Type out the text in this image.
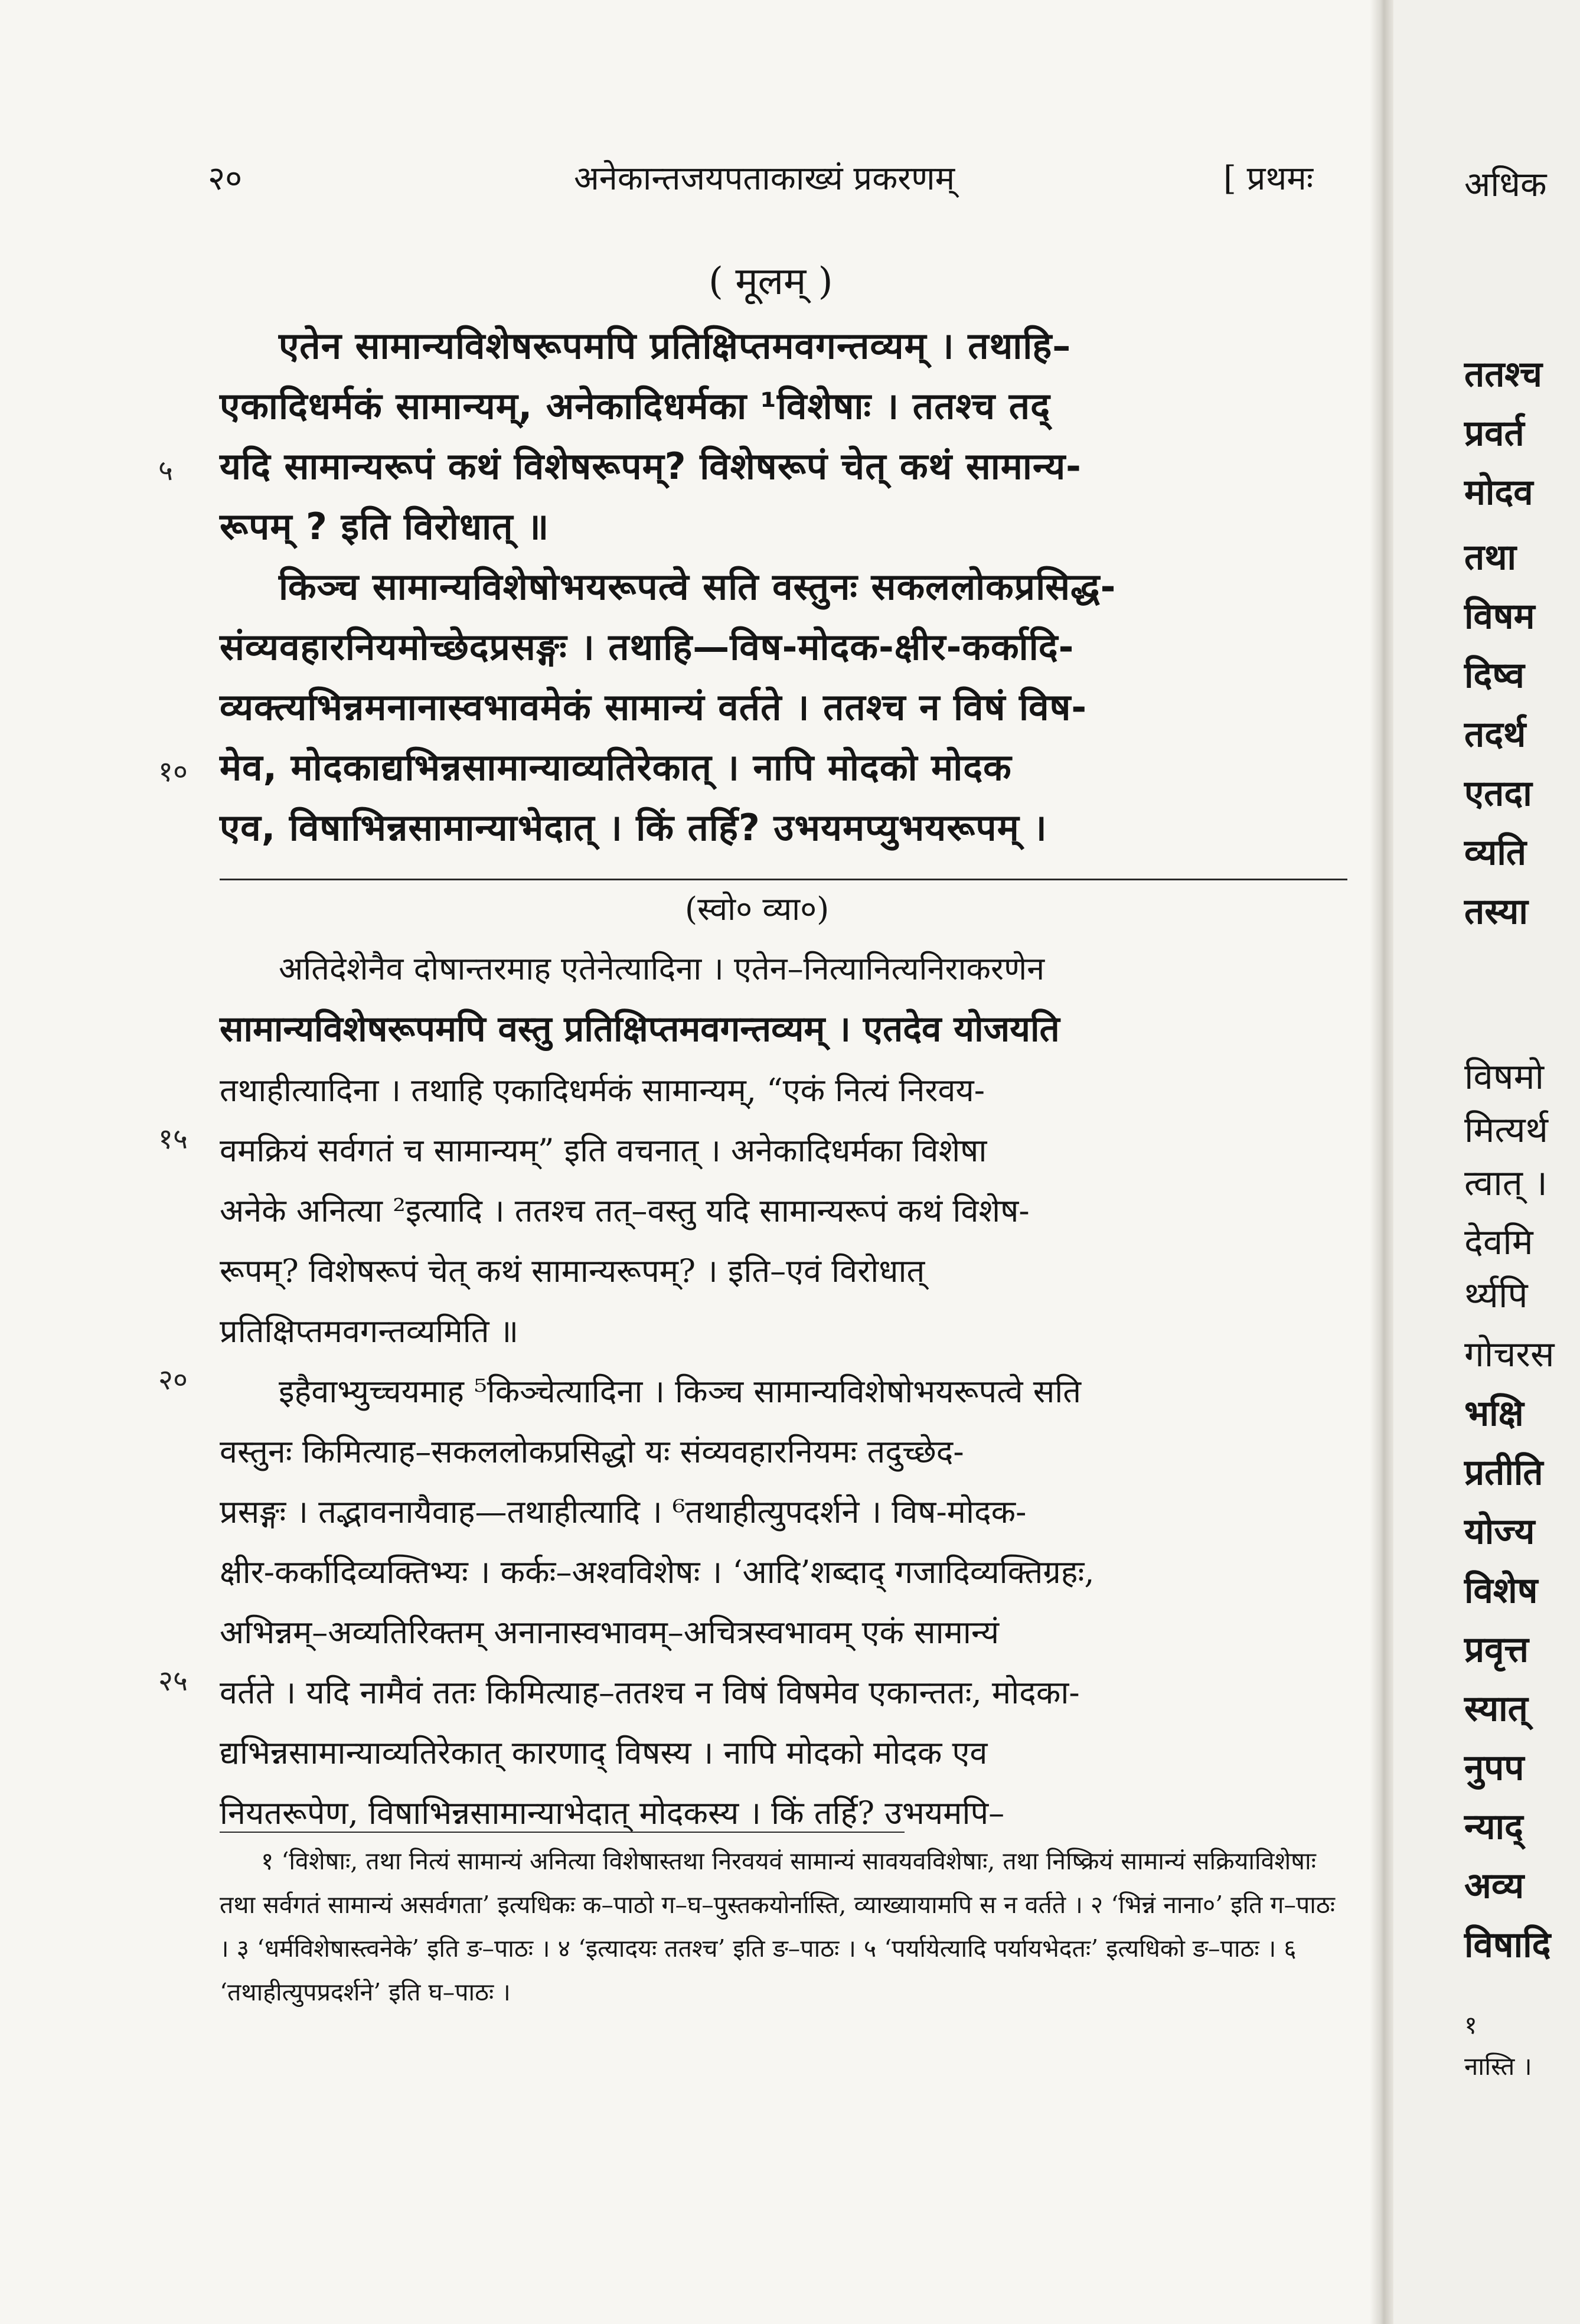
२०	अनेकान्तजयपताकाख्यं प्रकरणम्	[ प्रथमः
( मूलम् )

एतेन सामान्यविशेषरूपमपि प्रतिक्षिप्तमवगन्तव्यम् । तथाहि–
एकादिधर्मकं सामान्यम्, अनेकादिधर्मका ¹विशेषाः । ततश्च तद्
यदि सामान्यरूपं कथं विशेषरूपम्? विशेषरूपं चेत् कथं सामान्य-
रूपम् ? इति विरोधात् ॥

किञ्च सामान्यविशेषोभयरूपत्वे सति वस्तुनः सकललोकप्रसिद्ध-
संव्यवहारनियमोच्छेदप्रसङ्गः । तथाहि—विष-मोदक-क्षीर-कर्कादि-
व्यक्त्यभिन्नमनानास्वभावमेकं सामान्यं वर्तते । ततश्च न विषं विष-
मेव, मोदकाद्यभिन्नसामान्याव्यतिरेकात् । नापि मोदको मोदक
एव, विषाभिन्नसामान्याभेदात् । किं तर्हि? उभयमप्युभयरूपम् ।

(स्वो० व्या०)

अतिदेशेनैव दोषान्तरमाह एतेनेत्यादिना । एतेन–नित्यानित्यनिराकरणेन
सामान्यविशेषरूपमपि वस्तु प्रतिक्षिप्तमवगन्तव्यम् । एतदेव योजयति
तथाहीत्यादिना । तथाहि एकादिधर्मकं सामान्यम्, “एकं नित्यं निरवय-
वमक्रियं सर्वगतं च सामान्यम्” इति वचनात् । अनेकादिधर्मका विशेषा
अनेके अनित्या ²इत्यादि । ततश्च तत्–वस्तु यदि सामान्यरूपं कथं विशेष-
रूपम्? विशेषरूपं चेत् कथं सामान्यरूपम्? । इति–एवं विरोधात्
प्रतिक्षिप्तमवगन्तव्यमिति ॥

इहैवाभ्युच्चयमाह ⁵किञ्चेत्यादिना । किञ्च सामान्यविशेषोभयरूपत्वे सति
वस्तुनः किमित्याह–सकललोकप्रसिद्धो यः संव्यवहारनियमः तदुच्छेद-
प्रसङ्गः । तद्भावनायैवाह—तथाहीत्यादि । ⁶तथाहीत्युपदर्शने । विष-मोदक-
क्षीर-कर्कादिव्यक्तिभ्यः । कर्कः–अश्वविशेषः । ‘आदि’शब्दाद् गजादिव्यक्तिग्रहः,
अभिन्नम्–अव्यतिरिक्तम् अनानास्वभावम्–अचित्रस्वभावम् एकं सामान्यं
वर्तते । यदि नामैवं ततः किमित्याह–ततश्च न विषं विषमेव एकान्ततः, मोदका-
द्यभिन्नसामान्याव्यतिरेकात् कारणाद् विषस्य । नापि मोदको मोदक एव
नियतरूपेण, विषाभिन्नसामान्याभेदात् मोदकस्य । किं तर्हि? उभयमपि–

५
१०
१५
२०
२५

१ ‘विशेषाः, तथा नित्यं सामान्यं अनित्या विशेषास्तथा निरवयवं सामान्यं सावयवविशेषाः, तथा निष्क्रियं सामान्यं सक्रियाविशेषाः तथा सर्वगतं सामान्यं असर्वगता’ इत्यधिकः क–पाठो ग–घ–पुस्तकयोर्नास्ति, व्याख्यायामपि स न वर्तते । २ ‘भिन्नं नाना०’ इति ग–पाठः । ३ ‘धर्मविशेषास्त्वनेके’ इति ङ–पाठः । ४ ‘इत्यादयः ततश्च’ इति ङ–पाठः । ५ ‘पर्यायेत्यादि पर्यायभेदतः’ इत्यधिको ङ–पाठः । ६ ‘तथाहीत्युपप्रदर्शने’ इति घ–पाठः ।

अधिक
ततश्च
प्रवर्त
मोदव
तथा
विषम
दिष्व
तदर्थ
एतदा
व्यति
तस्या
विषमो
मित्यर्थ
त्वात् ।
देवमि
र्थ्यपि
गोचरस
भक्षि
प्रतीति
योज्य
विशेष
प्रवृत्त
स्यात्
नुपप
न्याद्
अव्य
विषादि
१
नास्ति ।
